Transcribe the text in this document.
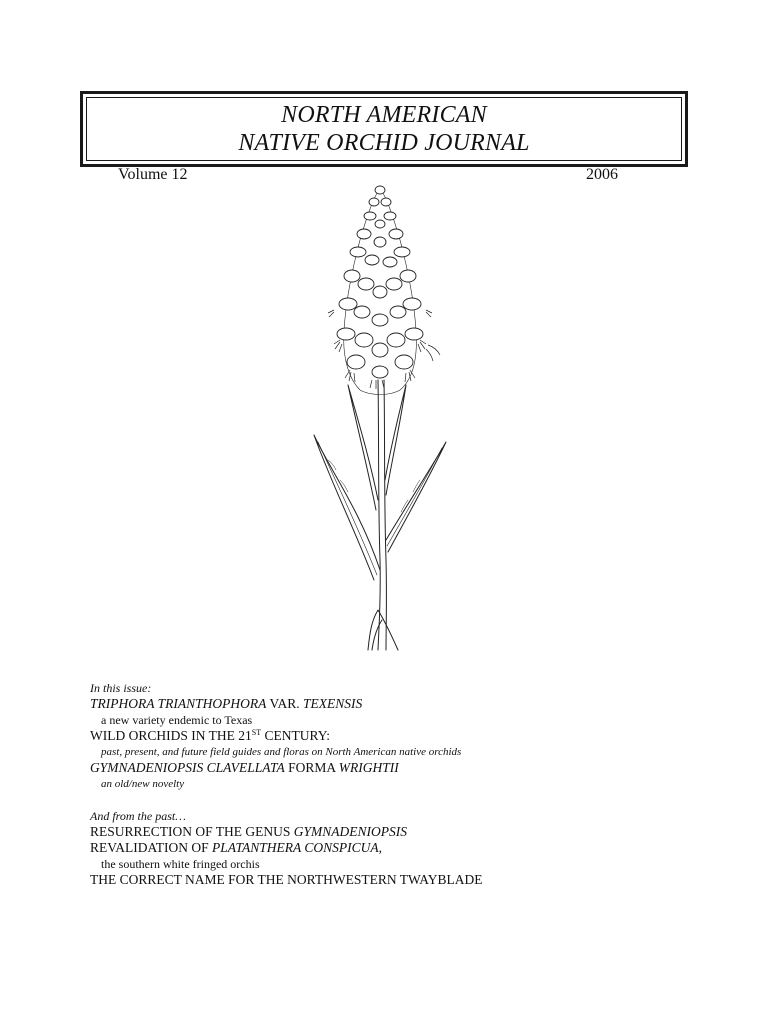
NORTH AMERICAN
NATIVE ORCHID JOURNAL
Volume 12	2006
In this issue:
TRIPHORA TRIANTHOPHORA VAR. TEXENSIS
a new variety endemic to Texas
WILD ORCHIDS IN THE 21ST CENTURY:
past, present, and future field guides and floras on North American native orchids
GYMNADENIOPSIS CLAVELLATA FORMA WRIGHTII
an old/new novelty
And from the past…
RESURRECTION OF THE GENUS GYMNADENIOPSIS
REVALIDATION OF PLATANTHERA CONSPICUA,
the southern white fringed orchis
THE CORRECT NAME FOR THE NORTHWESTERN TWAYBLADE
